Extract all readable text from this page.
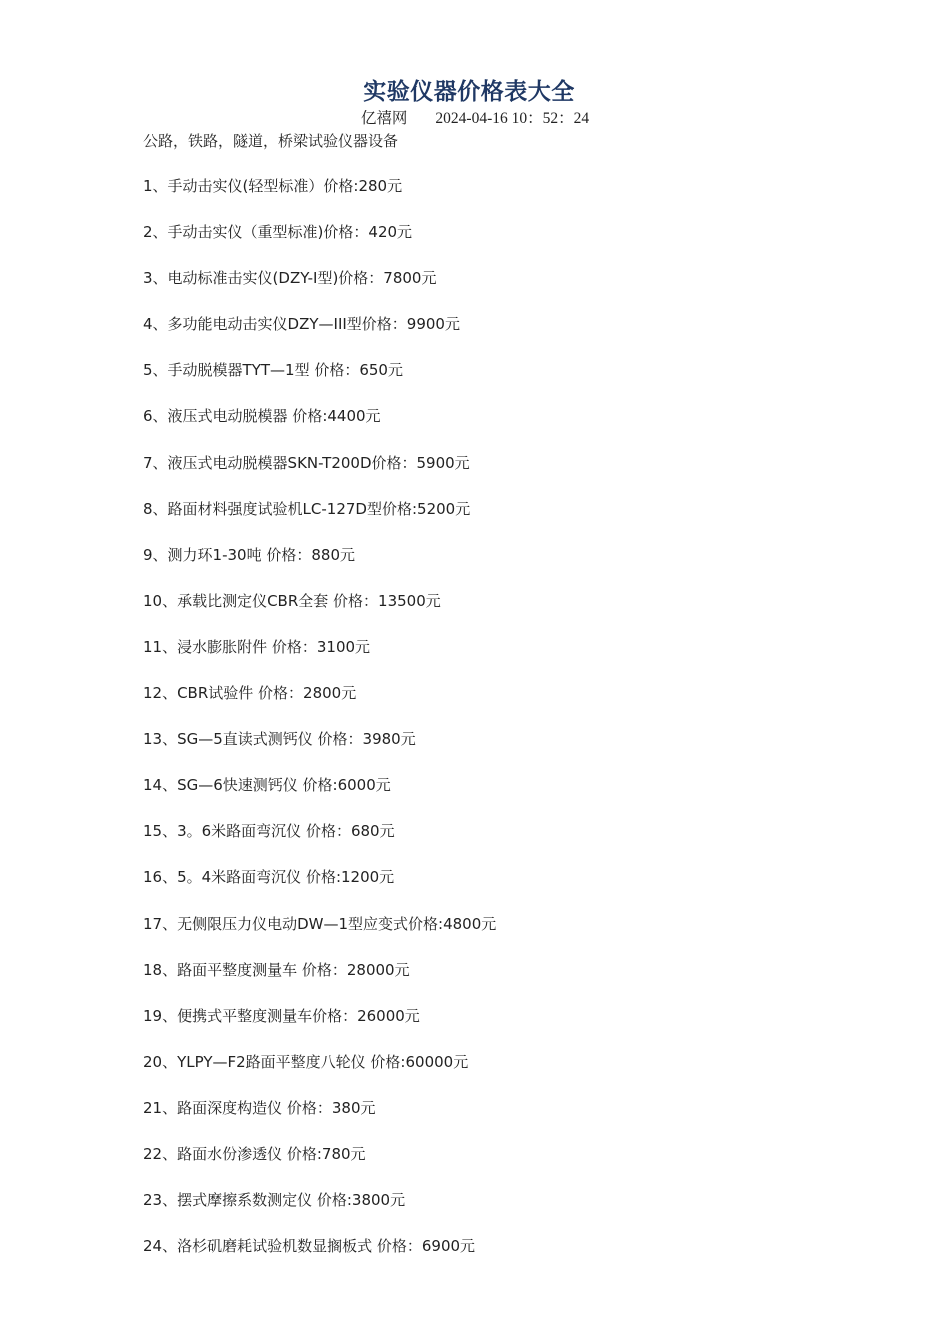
实验仪器价格表大全
亿禧网 2024-04-16 10：52：24
公路，铁路，隧道，桥梁试验仪器设备
1、手动击实仪(轻型标准）价格:280元
2、手动击实仪（重型标准)价格：420元
3、电动标准击实仪(DZY-I型)价格：7800元
4、多功能电动击实仪DZY—III型价格：9900元
5、手动脱模器TYT—1型 价格：650元
6、液压式电动脱模器 价格:4400元
7、液压式电动脱模器SKN-T200D价格：5900元
8、路面材料强度试验机LC-127D型价格:5200元
9、测力环1-30吨 价格：880元
10、承载比测定仪CBR全套 价格：13500元
11、浸水膨胀附件 价格：3100元
12、CBR试验件 价格：2800元
13、SG—5直读式测钙仪 价格：3980元
14、SG—6快速测钙仪 价格:6000元
15、3。6米路面弯沉仪 价格：680元
16、5。4米路面弯沉仪 价格:1200元
17、无侧限压力仪电动DW—1型应变式价格:4800元
18、路面平整度测量车 价格：28000元
19、便携式平整度测量车价格：26000元
20、YLPY—F2路面平整度八轮仪 价格:60000元
21、路面深度构造仪 价格：380元
22、路面水份渗透仪 价格:780元
23、摆式摩擦系数测定仪 价格:3800元
24、洛杉矶磨耗试验机数显搁板式 价格：6900元
